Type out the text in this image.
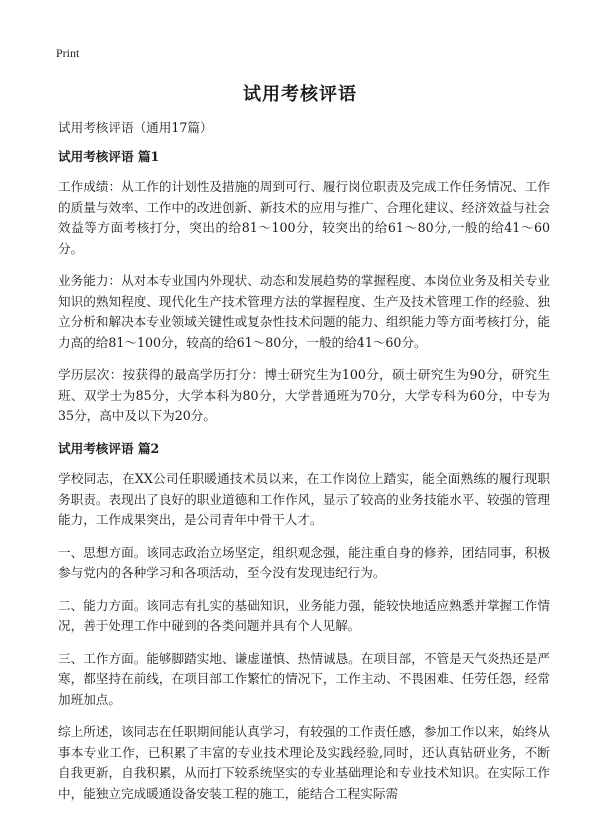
Print
试用考核评语

试用考核评语（通用17篇）

试用考核评语 篇1

工作成绩：从工作的计划性及措施的周到可行、履行岗位职责及完成工作任务情况、工作的质量与效率、工作中的改进创新、新技术的应用与推广、合理化建议、经济效益与社会效益等方面考核打分，突出的给81～100分，较突出的给61～80分,一般的给41～60分。

业务能力：从对本专业国内外现状、动态和发展趋势的掌握程度、本岗位业务及相关专业知识的熟知程度、现代化生产技术管理方法的掌握程度、生产及技术管理工作的经验、独立分析和解决本专业领域关键性或复杂性技术问题的能力、组织能力等方面考核打分，能力高的给81～100分，较高的给61～80分，一般的给41～60分。

学历层次：按获得的最高学历打分：博士研究生为100分，硕士研究生为90分，研究生班、双学士为85分，大学本科为80分，大学普通班为70分，大学专科为60分，中专为35分，高中及以下为20分。

试用考核评语 篇2

学校同志，在XX公司任职暖通技术员以来，在工作岗位上踏实，能全面熟练的履行现职务职责。表现出了良好的职业道德和工作作风，显示了较高的业务技能水平、较强的管理能力，工作成果突出，是公司青年中骨干人才。

一、思想方面。该同志政治立场坚定，组织观念强，能注重自身的修养，团结同事，积极参与党内的各种学习和各项活动，至今没有发现违纪行为。

二、能力方面。该同志有扎实的基础知识，业务能力强，能较快地适应熟悉并掌握工作情况，善于处理工作中碰到的各类问题并具有个人见解。

三、工作方面。能够脚踏实地、谦虚谨慎、热情诚恳。在项目部，不管是天气炎热还是严寒，都坚持在前线，在项目部工作繁忙的情况下，工作主动、不畏困难、任劳任怨，经常加班加点。

综上所述，该同志在任职期间能认真学习，有较强的工作责任感，参加工作以来，始终从事本专业工作，已积累了丰富的专业技术理论及实践经验,同时，还认真钻研业务，不断自我更新，自我积累，从而打下较系统坚实的专业基础理论和专业技术知识。在实际工作中，能独立完成暖通设备安装工程的施工，能结合工程实际需
